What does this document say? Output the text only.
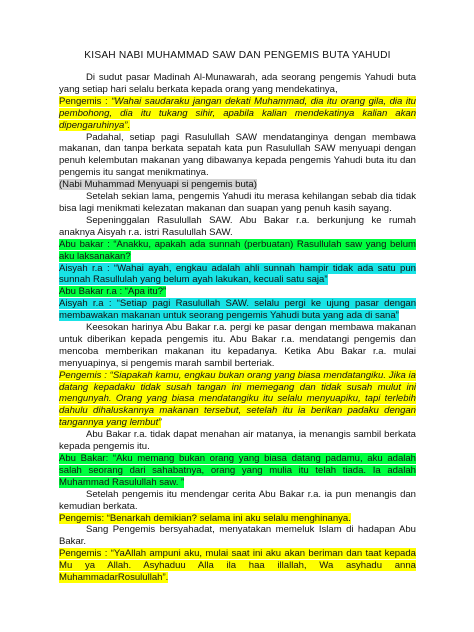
KISAH NABI MUHAMMAD SAW DAN PENGEMIS BUTA YAHUDI

Di sudut pasar Madinah Al-Munawarah, ada seorang pengemis Yahudi buta yang setiap hari selalu berkata kepada orang yang mendekatinya,

Pengemis : “Wahai saudaraku jangan dekati Muhammad, dia itu orang gila, dia itu pembohong, dia itu tukang sihir, apabila kalian mendekatinya kalian akan dipengaruhinya”.

Padahal, setiap pagi Rasulullah SAW mendatanginya dengan membawa makanan, dan tanpa berkata sepatah kata pun Rasulullah SAW menyuapi dengan penuh kelembutan makanan yang dibawanya kepada pengemis Yahudi buta itu dan pengemis itu sangat menikmatinya.

(Nabi Muhammad Menyuapi si pengemis buta)

Setelah sekian lama, pengemis Yahudi itu merasa kehilangan sebab dia tidak bisa lagi menikmati kelezatan makanan dan suapan yang penuh kasih sayang.

Sepeninggalan Rasulullah SAW. Abu Bakar r.a. berkunjung ke rumah anaknya Aisyah r.a. istri Rasulullah SAW.

Abu bakar : “Anakku, apakah ada sunnah (perbuatan) Rasullulah saw yang belum aku laksanakan?

Aisyah r.a : “Wahai ayah, engkau adalah ahli sunnah hampir tidak ada satu pun sunnah Rasullulah yang belum ayah lakukan, kecuali satu saja”

Abu Bakar r.a : “Apa itu?”

Aisyah r.a : “Setiap pagi Rasulullah SAW. selalu pergi ke ujung pasar dengan membawakan makanan untuk seorang pengemis Yahudi buta yang ada di sana”

Keesokan harinya Abu Bakar r.a. pergi ke pasar dengan membawa makanan untuk diberikan kepada pengemis itu. Abu Bakar r.a. mendatangi pengemis dan mencoba memberikan makanan itu kepadanya. Ketika Abu Bakar r.a. mulai menyuapinya, si pengemis marah sambil berteriak.

Pengemis : “Siapakah kamu, engkau bukan orang yang biasa mendatangiku. Jika ia datang kepadaku tidak susah tangan ini memegang dan tidak susah mulut ini mengunyah. Orang yang biasa mendatangiku itu selalu menyuapiku, tapi terlebih dahulu dihaluskannya makanan tersebut, setelah itu ia berikan padaku dengan tangannya yang lembut”

Abu Bakar r.a. tidak dapat menahan air matanya, ia menangis sambil berkata kepada pengemis itu.

Abu Bakar: “Aku memang bukan orang yang biasa datang padamu, aku adalah salah seorang dari sahabatnya, orang yang mulia itu telah tiada. Ia adalah Muhammad Rasulullah saw. ”

Setelah pengemis itu mendengar cerita Abu Bakar r.a. ia pun menangis dan kemudian berkata.

Pengemis: “Benarkah demikian? selama ini aku selalu menghinanya.

Sang Pengemis bersyahadat, menyatakan memeluk Islam di hadapan Abu Bakar.

Pengemis : “YaAllah ampuni aku, mulai saat ini aku akan beriman dan taat kepada Mu ya Allah. Asyhaduu Alla ila haa illallah, Wa asyhadu anna MuhammadarRosulullah”.
